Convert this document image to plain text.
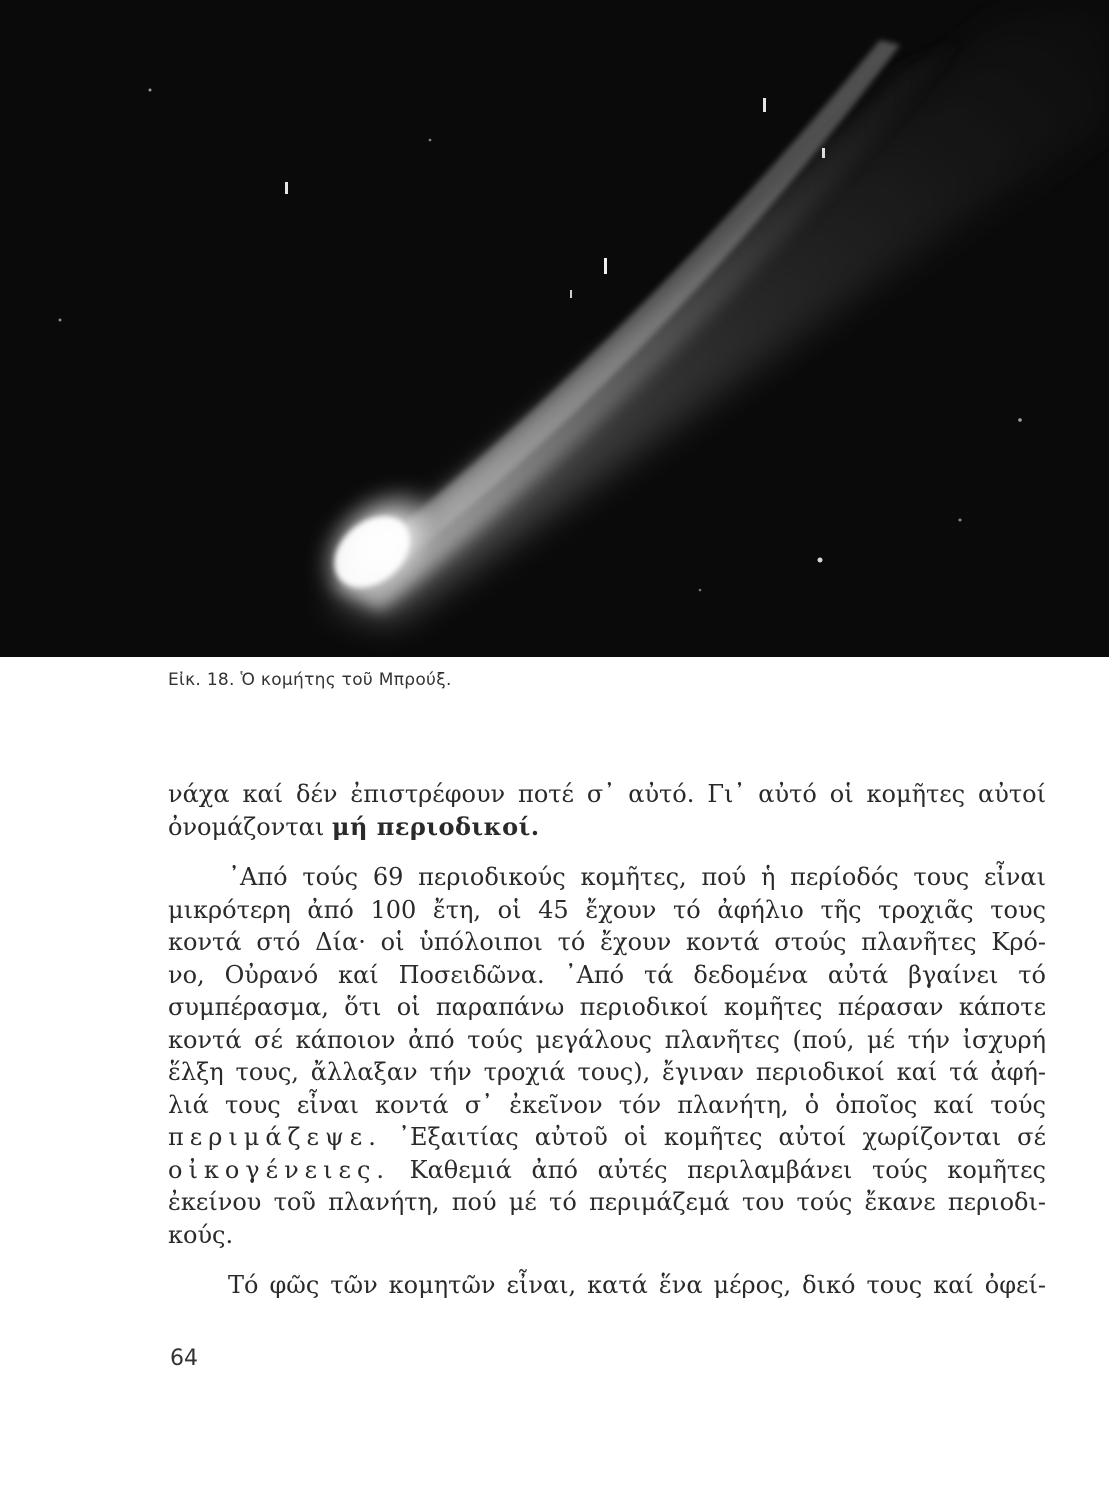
Εἰκ. 18. Ὁ κομήτης τοῦ Μπρούξ.
νάχα καί δέν ἐπιστρέφουν ποτέ σ᾽ αὐτό. Γι᾽ αὐτό οἱ κομῆτες αὐτοί
ὀνομάζονται μή περιοδικοί.
᾽Από τούς 69 περιοδικούς κομῆτες, πού ἡ περίοδός τους εἶναι
μικρότερη ἀπό 100 ἔτη, οἱ 45 ἔχουν τό ἀφήλιο τῆς τροχιᾶς τους
κοντά στό Δία· οἱ ὑπόλοιποι τό ἔχουν κοντά στούς πλανῆτες Κρό-
νο, Οὐρανό καί Ποσειδῶνα. ᾽Από τά δεδομένα αὐτά βγαίνει τό
συμπέρασμα, ὅτι οἱ παραπάνω περιοδικοί κομῆτες πέρασαν κάποτε
κοντά σέ κάποιον ἀπό τούς μεγάλους πλανῆτες (πού, μέ τήν ἰσχυρή
ἕλξη τους, ἄλλαξαν τήν τροχιά τους), ἔγιναν περιοδικοί καί τά ἀφή-
λιά τους εἶναι κοντά σ᾽ ἐκεῖνον τόν πλανήτη, ὁ ὁποῖος καί τούς
περιμάζεψε. ᾽Εξαιτίας αὐτοῦ οἱ κομῆτες αὐτοί χωρίζονται σέ
οἰκογένειες. Καθεμιά ἀπό αὐτές περιλαμβάνει τούς κομῆτες
ἐκείνου τοῦ πλανήτη, πού μέ τό περιμάζεμά του τούς ἔκανε περιοδι-
κούς.
Τό φῶς τῶν κομητῶν εἶναι, κατά ἕνα μέρος, δικό τους καί ὀφεί-
64
